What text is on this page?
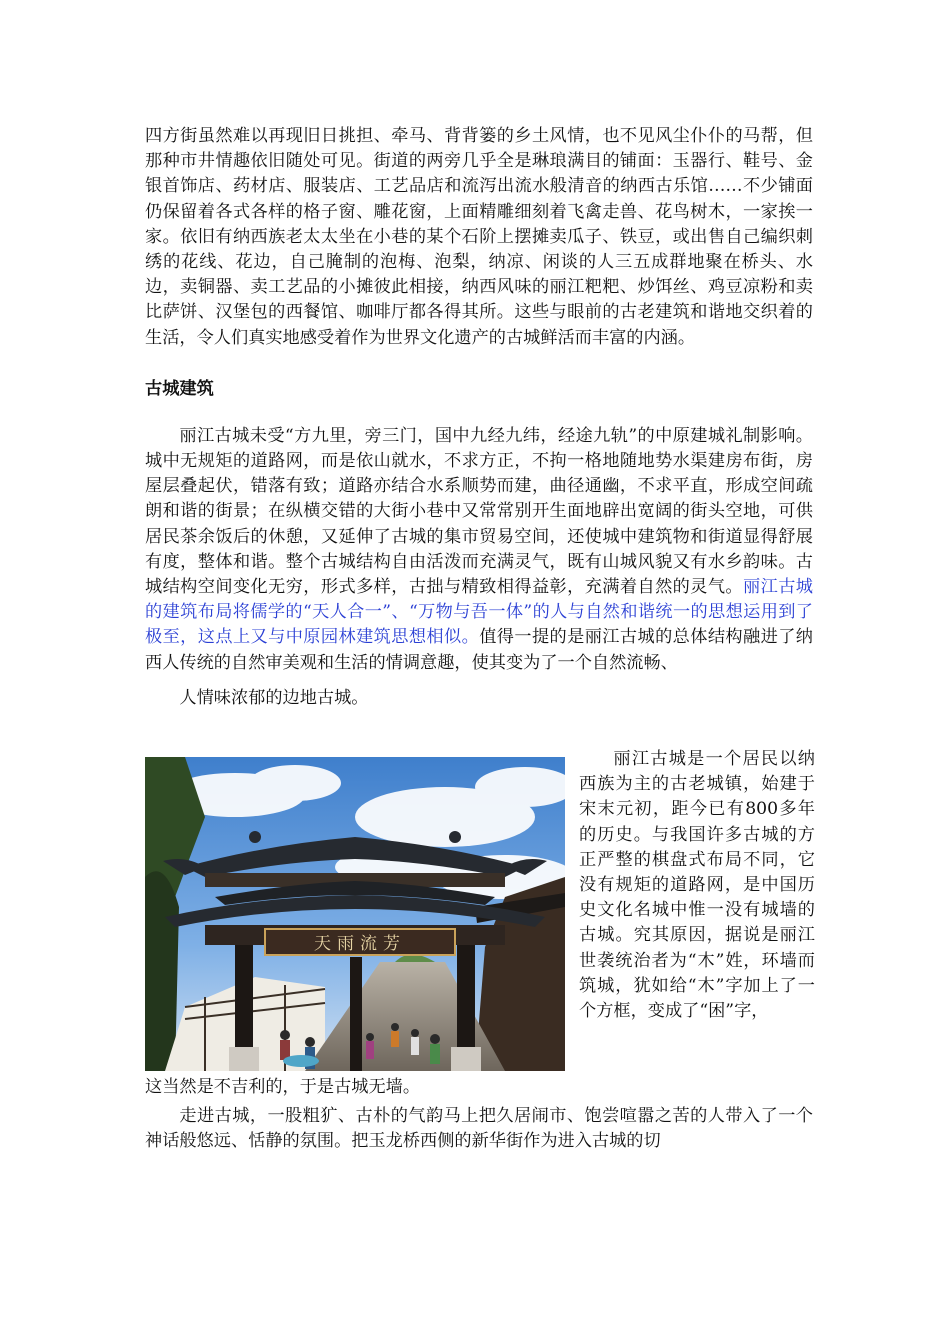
四方街虽然难以再现旧日挑担、牵马、背背篓的乡土风情，也不见风尘仆仆的马帮，但那种市井情趣依旧随处可见。街道的两旁几乎全是琳琅满目的铺面：玉器行、鞋号、金银首饰店、药材店、服装店、工艺品店和流泻出流水般清音的纳西古乐馆……不少铺面仍保留着各式各样的格子窗、雕花窗，上面精雕细刻着飞禽走兽、花鸟树木，一家挨一家。依旧有纳西族老太太坐在小巷的某个石阶上摆摊卖瓜子、铁豆，或出售自己编织刺绣的花线、花边，自己腌制的泡梅、泡梨，纳凉、闲谈的人三五成群地聚在桥头、水边，卖铜器、卖工艺品的小摊彼此相接，纳西风味的丽江粑粑、炒饵丝、鸡豆凉粉和卖比萨饼、汉堡包的西餐馆、咖啡厅都各得其所。这些与眼前的古老建筑和谐地交织着的生活，令人们真实地感受着作为世界文化遗产的古城鲜活而丰富的内涵。

古城建筑

丽江古城未受“方九里，旁三门，国中九经九纬，经途九轨”的中原建城礼制影响。城中无规矩的道路网，而是依山就水，不求方正，不拘一格地随地势水渠建房布街，房屋层叠起伏，错落有致；道路亦结合水系顺势而建，曲径通幽，不求平直，形成空间疏朗和谐的街景；在纵横交错的大街小巷中又常常别开生面地辟出宽阔的街头空地，可供居民茶余饭后的休憩，又延伸了古城的集市贸易空间，还使城中建筑物和街道显得舒展有度，整体和谐。整个古城结构自由活泼而充满灵气，既有山城风貌又有水乡韵味。古城结构空间变化无穷，形式多样，古拙与精致相得益彰，充满着自然的灵气。丽江古城的建筑布局将儒学的“天人合一”、“万物与吾一体”的人与自然和谐统一的思想运用到了极至，这点上又与中原园林建筑思想相似。值得一提的是丽江古城的总体结构融进了纳西人传统的自然审美观和生活的情调意趣，使其变为了一个自然流畅、
人情味浓郁的边地古城。

天雨流芳

丽江古城是一个居民以纳西族为主的古老城镇，始建于宋末元初，距今已有800多年的历史。与我国许多古城的方正严整的棋盘式布局不同，它没有规矩的道路网，是中国历史文化名城中惟一没有城墙的古城。究其原因，据说是丽江世袭统治者为“木”姓，环墙而筑城，犹如给“木”字加上了一个方框，变成了“困”字，

这当然是不吉利的，于是古城无墙。

走进古城，一股粗犷、古朴的气韵马上把久居闹市、饱尝喧嚣之苦的人带入了一个神话般悠远、恬静的氛围。把玉龙桥西侧的新华街作为进入古城的切
